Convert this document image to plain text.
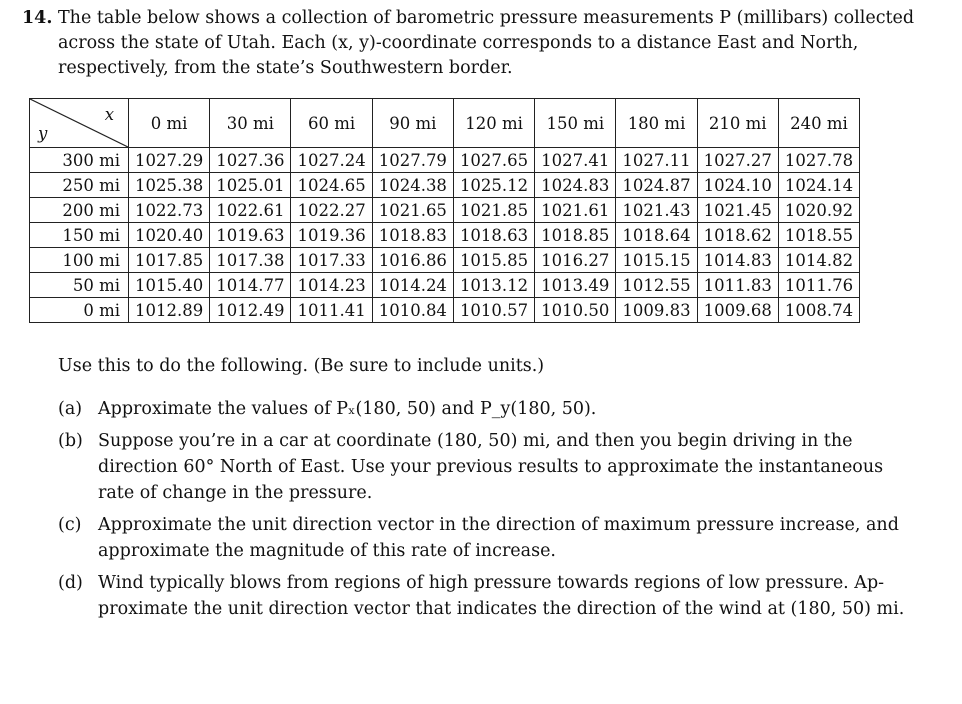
14. The table below shows a collection of barometric pressure measurements P (millibars) collected
across the state of Utah. Each (x, y)-coordinate corresponds to a distance East and North,
respectively, from the state’s Southwestern border.
x
y	0 mi	30 mi	60 mi	90 mi	120 mi	150 mi	180 mi	210 mi	240 mi
300 mi	1027.29	1027.36	1027.24	1027.79	1027.65	1027.41	1027.11	1027.27	1027.78
250 mi	1025.38	1025.01	1024.65	1024.38	1025.12	1024.83	1024.87	1024.10	1024.14
200 mi	1022.73	1022.61	1022.27	1021.65	1021.85	1021.61	1021.43	1021.45	1020.92
150 mi	1020.40	1019.63	1019.36	1018.83	1018.63	1018.85	1018.64	1018.62	1018.55
100 mi	1017.85	1017.38	1017.33	1016.86	1015.85	1016.27	1015.15	1014.83	1014.82
50 mi	1015.40	1014.77	1014.23	1014.24	1013.12	1013.49	1012.55	1011.83	1011.76
0 mi	1012.89	1012.49	1011.41	1010.84	1010.57	1010.50	1009.83	1009.68	1008.74
Use this to do the following. (Be sure to include units.)
(a) Approximate the values of Pₓ(180, 50) and P_y(180, 50).
(b) Suppose you’re in a car at coordinate (180, 50) mi, and then you begin driving in the
direction 60° North of East. Use your previous results to approximate the instantaneous
rate of change in the pressure.
(c) Approximate the unit direction vector in the direction of maximum pressure increase, and
approximate the magnitude of this rate of increase.
(d) Wind typically blows from regions of high pressure towards regions of low pressure. Ap-
proximate the unit direction vector that indicates the direction of the wind at (180, 50) mi.
